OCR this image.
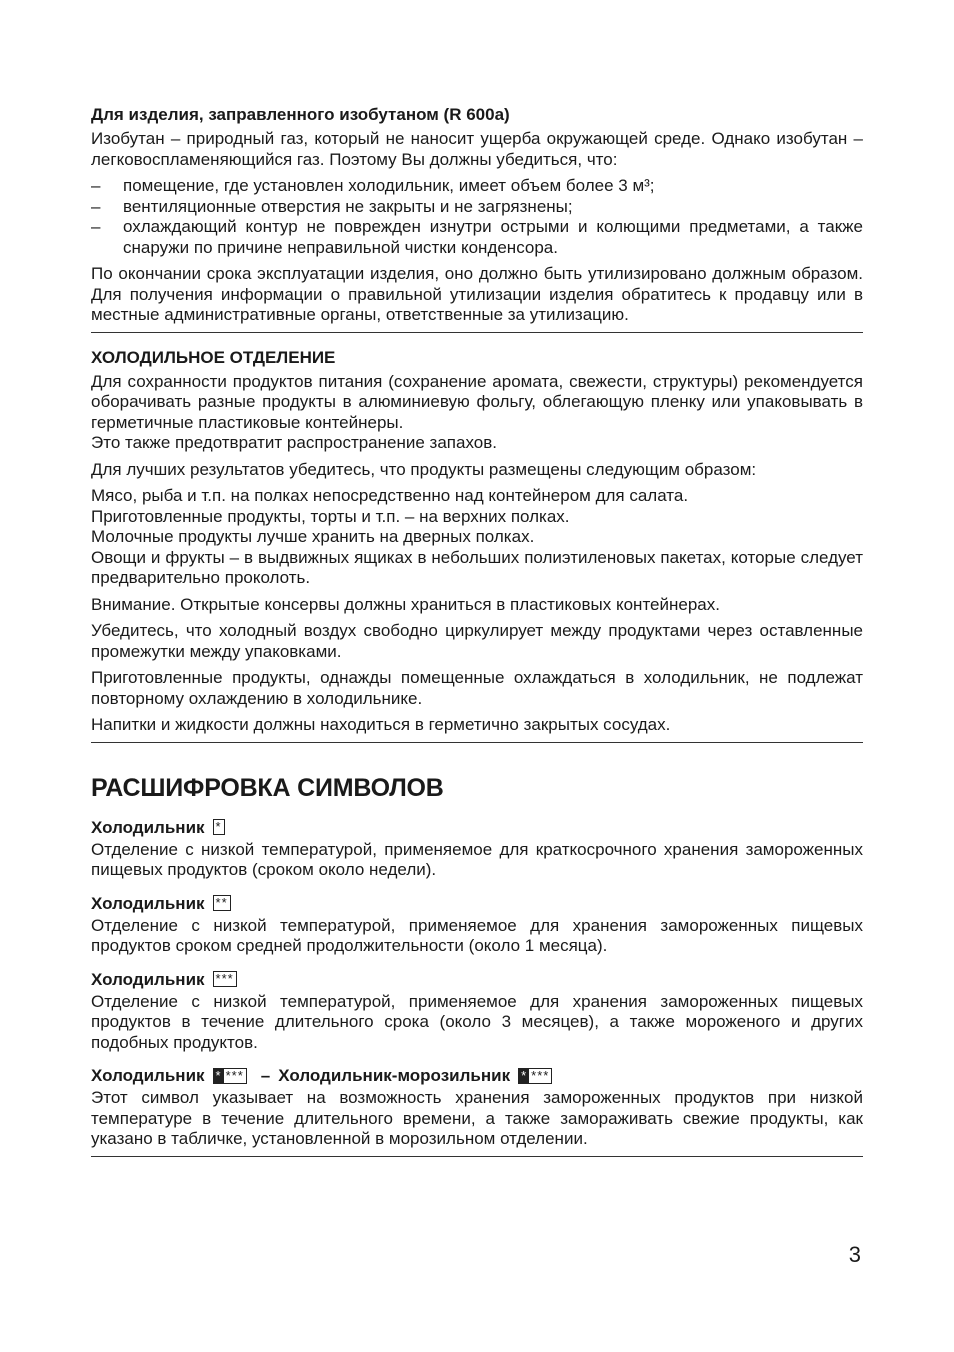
Для изделия, заправленного изобутаном (R 600a)

Изобутан – природный газ, который не наносит ущерба окружающей среде. Однако изобутан – легковоспламеняющийся газ. Поэтому Вы должны убедиться, что:

– помещение, где установлен холодильник, имеет объем более 3 м³;
– вентиляционные отверстия не закрыты и не загрязнены;
– охлаждающий контур не поврежден изнутри острыми и колющими предметами, а также снаружи по причине неправильной чистки конденсора.

По окончании срока эксплуатации изделия, оно должно быть утилизировано должным образом. Для получения информации о правильной утилизации изделия обратитесь к продавцу или в местные административные органы, ответственные за утилизацию.

ХОЛОДИЛЬНОЕ ОТДЕЛЕНИЕ

Для сохранности продуктов питания (сохранение аромата, свежести, структуры) рекомендуется оборачивать разные продукты в алюминиевую фольгу, облегающую пленку или упаковывать в герметичные пластиковые контейнеры.

Это также предотвратит распространение запахов.

Для лучших результатов убедитесь, что продукты размещены следующим образом:

Мясо, рыба и т.п. на полках непосредственно над контейнером для салата.

Приготовленные продукты, торты и т.п. – на верхних полках.

Молочные продукты лучше хранить на дверных полках.

Овощи и фрукты – в выдвижных ящиках в небольших полиэтиленовых пакетах, которые следует предварительно проколоть.

Внимание. Открытые консервы должны храниться в пластиковых контейнерах.

Убедитесь, что холодный воздух свободно циркулирует между продуктами через оставленные промежутки между упаковками.

Приготовленные продукты, однажды помещенные охлаждаться в холодильник, не подлежат повторному охлаждению в холодильнике.

Напитки и жидкости должны находиться в герметично закрытых сосудах.

РАСШИФРОВКА СИМВОЛОВ
Холодильник *

Отделение с низкой температурой, применяемое для краткосрочного хранения замороженных пищевых продуктов (сроком около недели).

Холодильник **

Отделение с низкой температурой, применяемое для хранения замороженных пищевых продуктов сроком средней продолжительности (около 1 месяца).

Холодильник ***

Отделение с низкой температурой, применяемое для хранения замороженных пищевых продуктов в течение длительного срока (около 3 месяцев), а также мороженого и других подобных продуктов.

Холодильник * *** – Холодильник-морозильник * ***

Этот символ указывает на возможность хранения замороженных продуктов при низкой температуре в течение длительного времени, а также замораживать свежие продукты, как указано в табличке, установленной в морозильном отделении.

3
